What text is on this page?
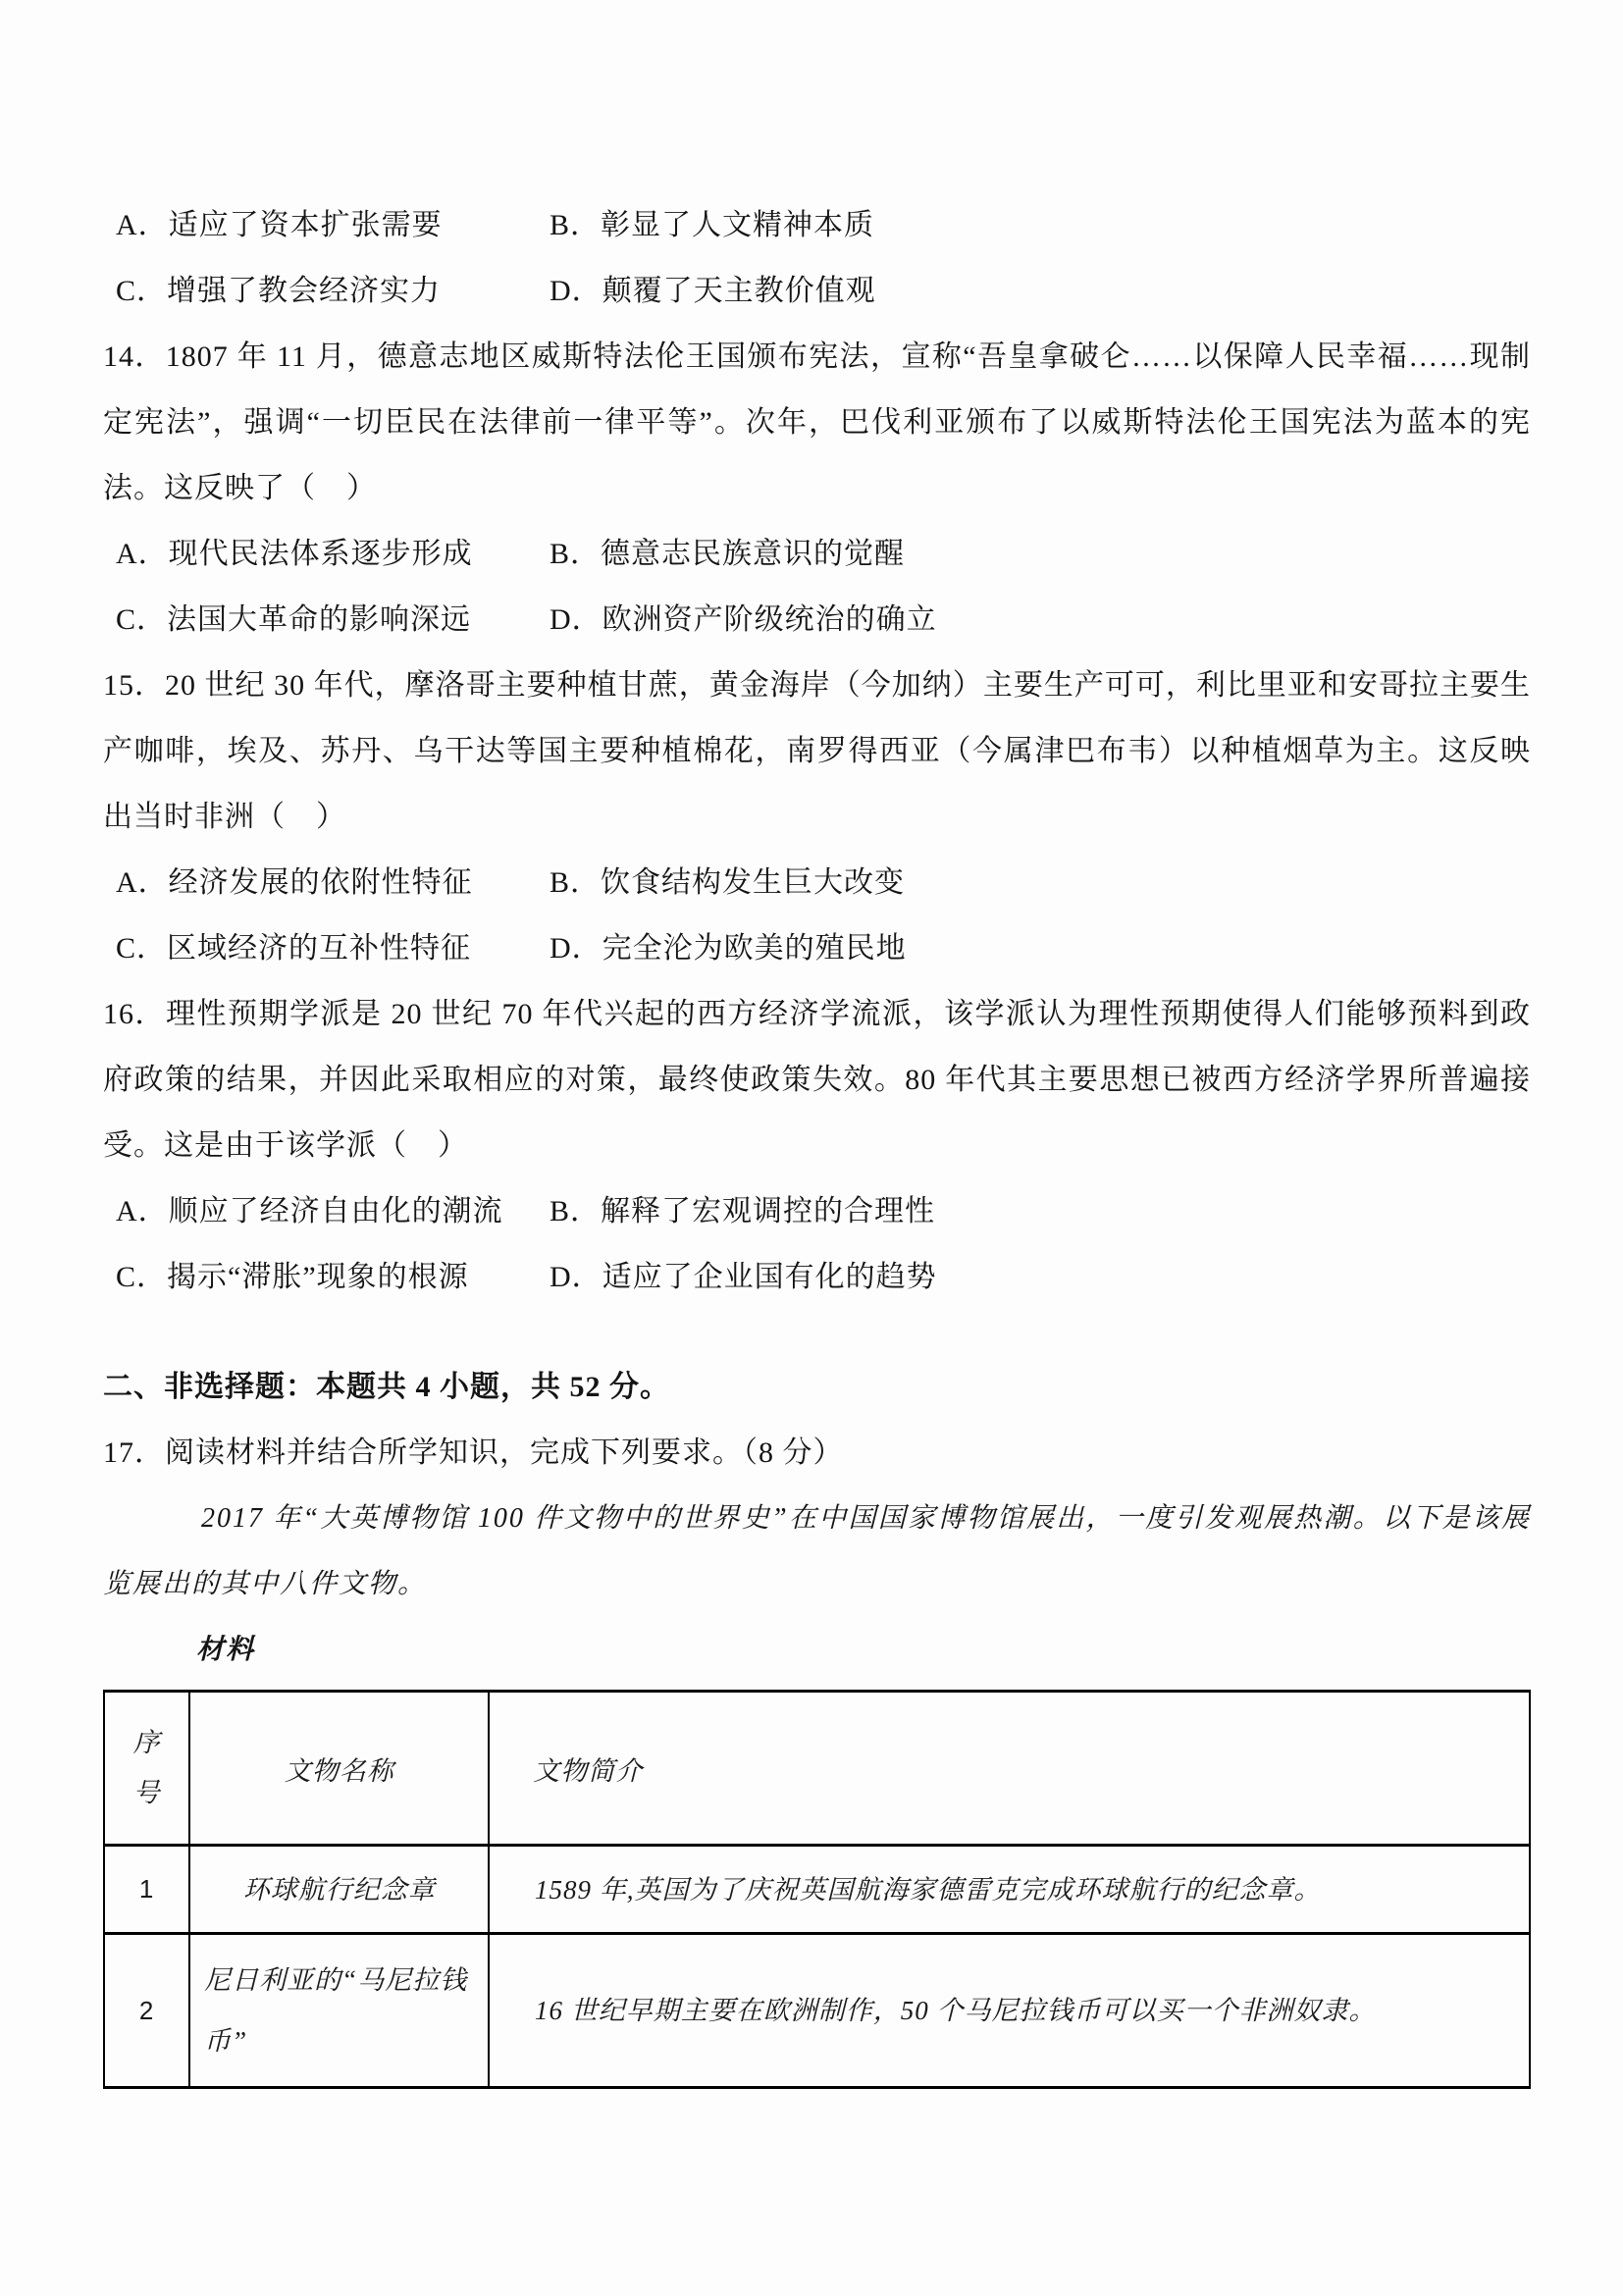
A．适应了资本扩张需要	B．彰显了人文精神本质
C．增强了教会经济实力	D．颠覆了天主教价值观

14．1807 年 11 月，德意志地区威斯特法伦王国颁布宪法，宣称“吾皇拿破仑……以保障人民幸福……现制定宪法”，强调“一切臣民在法律前一律平等”。次年，巴伐利亚颁布了以威斯特法伦王国宪法为蓝本的宪法。这反映了（　）

A．现代民法体系逐步形成	B．德意志民族意识的觉醒
C．法国大革命的影响深远	D．欧洲资产阶级统治的确立

15．20 世纪 30 年代，摩洛哥主要种植甘蔗，黄金海岸（今加纳）主要生产可可，利比里亚和安哥拉主要生产咖啡，埃及、苏丹、乌干达等国主要种植棉花，南罗得西亚（今属津巴布韦）以种植烟草为主。这反映出当时非洲（　）

A．经济发展的依附性特征	B．饮食结构发生巨大改变
C．区域经济的互补性特征	D．完全沦为欧美的殖民地

16．理性预期学派是 20 世纪 70 年代兴起的西方经济学流派，该学派认为理性预期使得人们能够预料到政府政策的结果，并因此采取相应的对策，最终使政策失效。80 年代其主要思想已被西方经济学界所普遍接受。这是由于该学派（　）

A．顺应了经济自由化的潮流	B．解释了宏观调控的合理性
C．揭示“滞胀”现象的根源	D．适应了企业国有化的趋势

二、非选择题：本题共 4 小题，共 52 分。

17．阅读材料并结合所学知识，完成下列要求。（8 分）

2017 年“大英博物馆 100 件文物中的世界史”在中国国家博物馆展出，一度引发观展热潮。以下是该展览展出的其中八件文物。

材料

序号	文物名称	文物简介
1	环球航行纪念章	1589 年,英国为了庆祝英国航海家德雷克完成环球航行的纪念章。
2	尼日利亚的“马尼拉钱币”	16 世纪早期主要在欧洲制作，50 个马尼拉钱币可以买一个非洲奴隶。
